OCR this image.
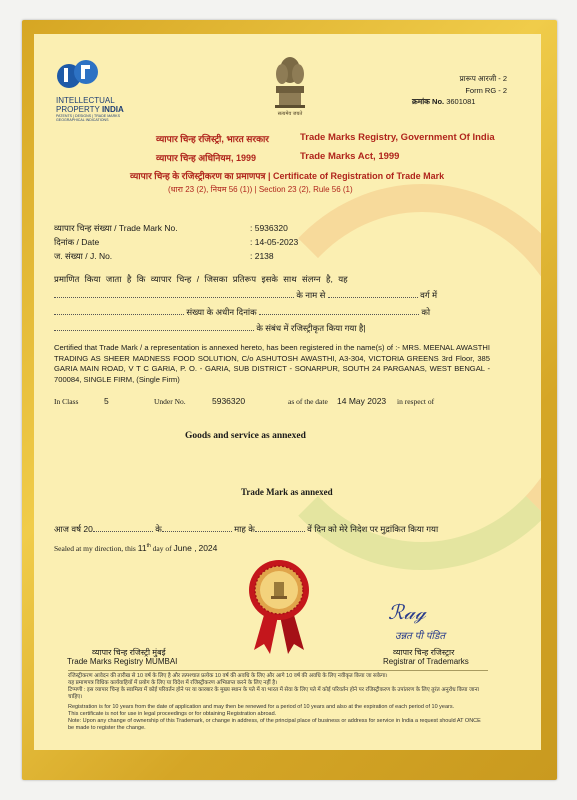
INTELLECTUAL
PROPERTY INDIA
PATENTS | DESIGNS | TRADE MARKS
GEOGRAPHICAL INDICATIONS
सत्यमेव जयते
प्रारूप आरजी - 2
Form RG - 2
क्रमांक No. 3601081
व्यापार चिन्ह रजिस्ट्री, भारत सरकार	Trade Marks Registry, Government Of India
व्यापार चिन्ह अधिनियम, 1999	Trade Marks Act, 1999
व्यापार चिन्ह के रजिस्ट्रीकरण का प्रमाणपत्र | Certificate of Registration of Trade Mark
(धारा 23 (2), नियम 56 (1)) | Section 23 (2), Rule 56 (1)
व्यापार चिन्ह संख्या / Trade Mark No.	: 5936320
दिनांक / Date	: 14-05-2023
ज. संख्या / J. No.	: 2138
प्रमाणित किया जाता है कि व्यापार चिन्ह / जिसका प्रतिरूप इसके साथ संलग्न है, यह
के नाम से	वर्ग में
संख्या के अधीन दिनांक	को
के संबंध में रजिस्ट्रीकृत किया गया है|
Certified that Trade Mark / a representation is annexed hereto, has been registered in the name(s) of :- MRS. MEENAL AWASTHI TRADING AS SHEER MADNESS FOOD SOLUTION, C/o ASHUTOSH AWASTHI, A3-304, VICTORIA GREENS 3rd Floor, 385 GARIA MAIN ROAD, V T C GARIA, P. O. - GARIA, SUB DISTRICT - SONARPUR, SOUTH 24 PARGANAS, WEST BENGAL - 700084, SINGLE FIRM, (Single Firm)
In Class	5	Under No.	5936320	as of the date 14 May 2023 in respect of
Goods and service as annexed
Trade Mark as annexed
आज वर्ष 20	के	माह के	वें दिन को मेरे निदेश पर मुद्रांकित किया गया
Sealed at my direction, this 11th day of June , 2024
ℛ𝒶ℊ
उन्नत पी पंडित
व्यापार चिन्ह रजिस्ट्री मुंबई
Trade Marks Registry MUMBAI
व्यापार चिन्ह रजिस्ट्रार
Registrar of Trademarks
रजिस्ट्रीकरण आवेदन की तारीख से 10 वर्ष के लिए है और तत्पश्चात प्रत्येक 10 वर्ष की अवधि के लिए और आगे 10 वर्ष की अवधि के लिए नवीकृत किया जा सकेगा।
यह प्रमाणपत्र विधिक कार्यवाहियों में प्रयोग के लिए या विदेश में रजिस्ट्रीकरण अभिप्राप्त करने के लिए नहीं है।
टिप्पणी : इस व्यापार चिन्ह के स्वामित्व में कोई परिवर्तन होने पर या कारबार के मुख्य स्थान के पते में या भारत में सेवा के लिए पते में कोई परिवर्तन होने पर रजिस्ट्रीकरण के उपांतरण के लिए तुरंत अनुरोध किया जाना चाहिए।
Registration is for 10 years from the date of application and may then be renewed for a period of 10 years and also at the expiration of each period of 10 years.
This certificate is not for use in legal proceedings or for obtaining Registration abroad.
Note: Upon any change of ownership of this Trademark, or change in address, of the principal place of business or address for service in India a request should AT ONCE be made to register the change.
